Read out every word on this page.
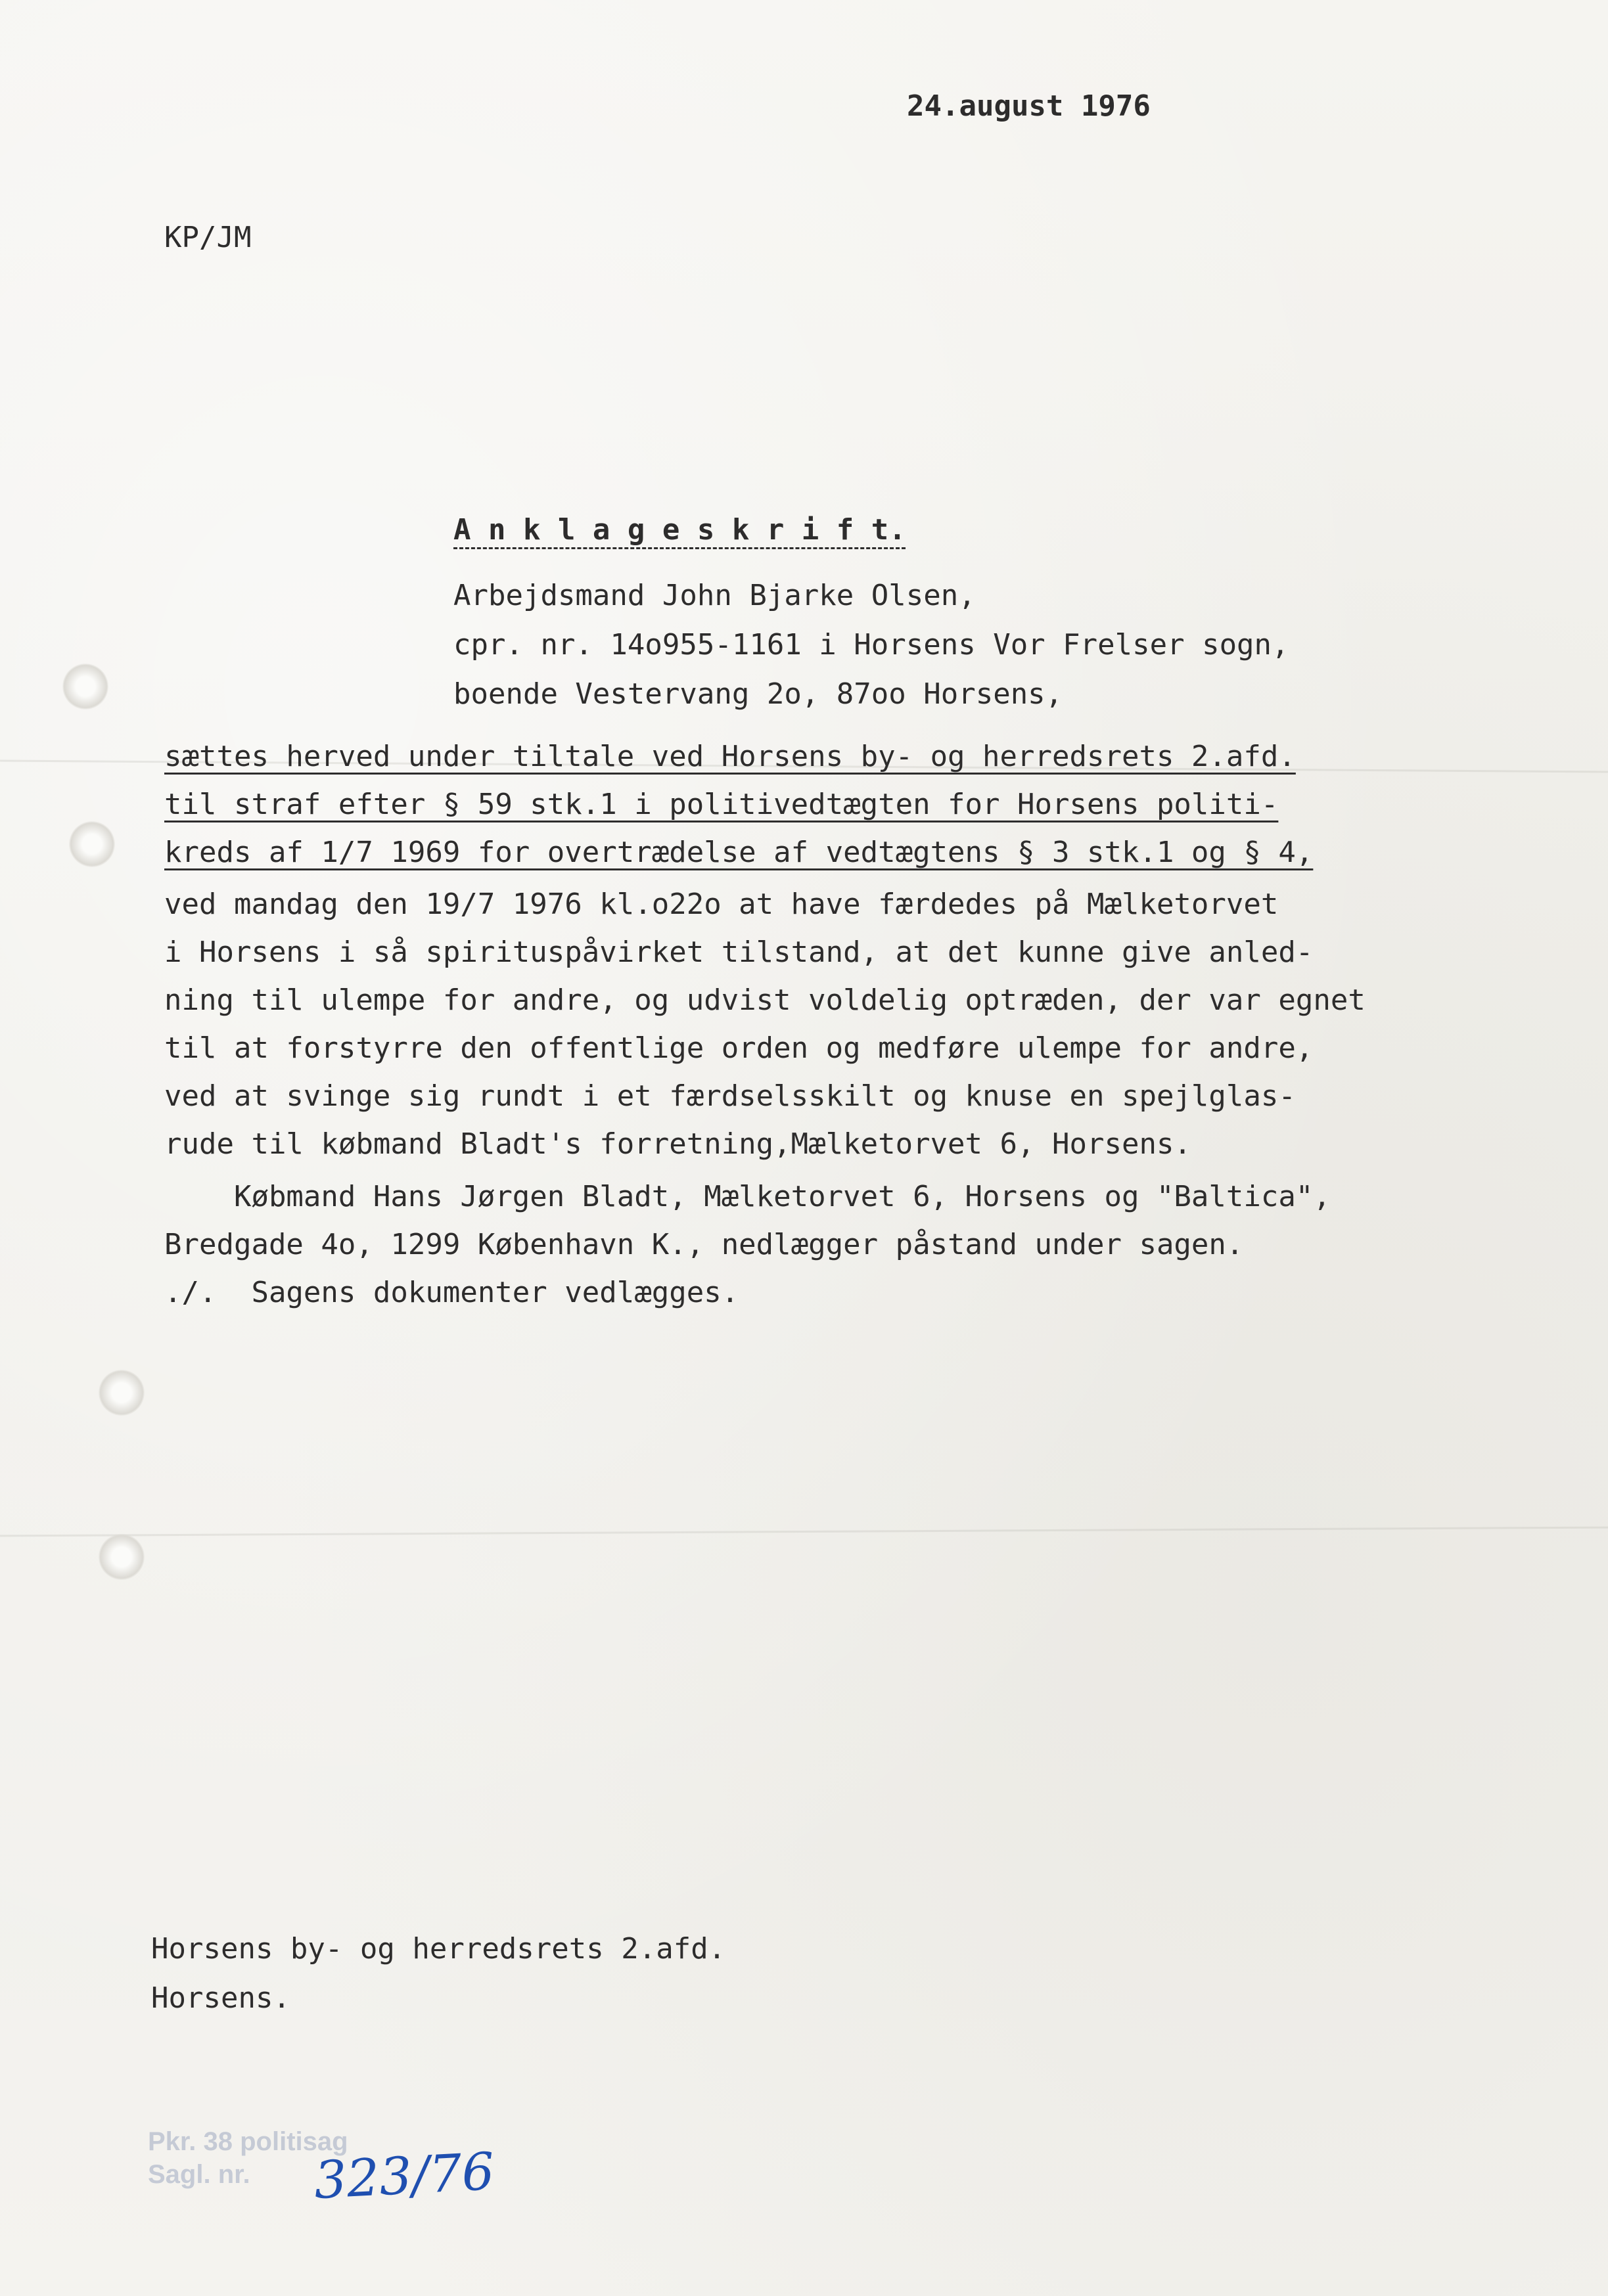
24.august 1976
KP/JM
A n k l a g e s k r i f t.
Arbejdsmand John Bjarke Olsen,
cpr. nr. 14o955-1161 i Horsens Vor Frelser sogn,
boende Vestervang 2o, 87oo Horsens,
sættes herved under tiltale ved Horsens by- og herredsrets 2.afd.
til straf efter § 59 stk.1 i politivedtægten for Horsens politi-
kreds af 1/7 1969 for overtrædelse af vedtægtens § 3 stk.1 og § 4,
ved mandag den 19/7 1976 kl.o22o at have færdedes på Mælketorvet
i Horsens i så spirituspåvirket tilstand, at det kunne give anled-
ning til ulempe for andre, og udvist voldelig optræden, der var egnet
til at forstyrre den offentlige orden og medføre ulempe for andre,
ved at svinge sig rundt i et færdselsskilt og knuse en spejlglas-
rude til købmand Bladt's forretning,Mælketorvet 6, Horsens.
Købmand Hans Jørgen Bladt, Mælketorvet 6, Horsens og "Baltica",
Bredgade 4o, 1299 København K., nedlægger påstand under sagen.
./.  Sagens dokumenter vedlægges.
Horsens by- og herredsrets 2.afd.
Horsens.
Pkr. 38 politisag
Sagl. nr.	323/76
